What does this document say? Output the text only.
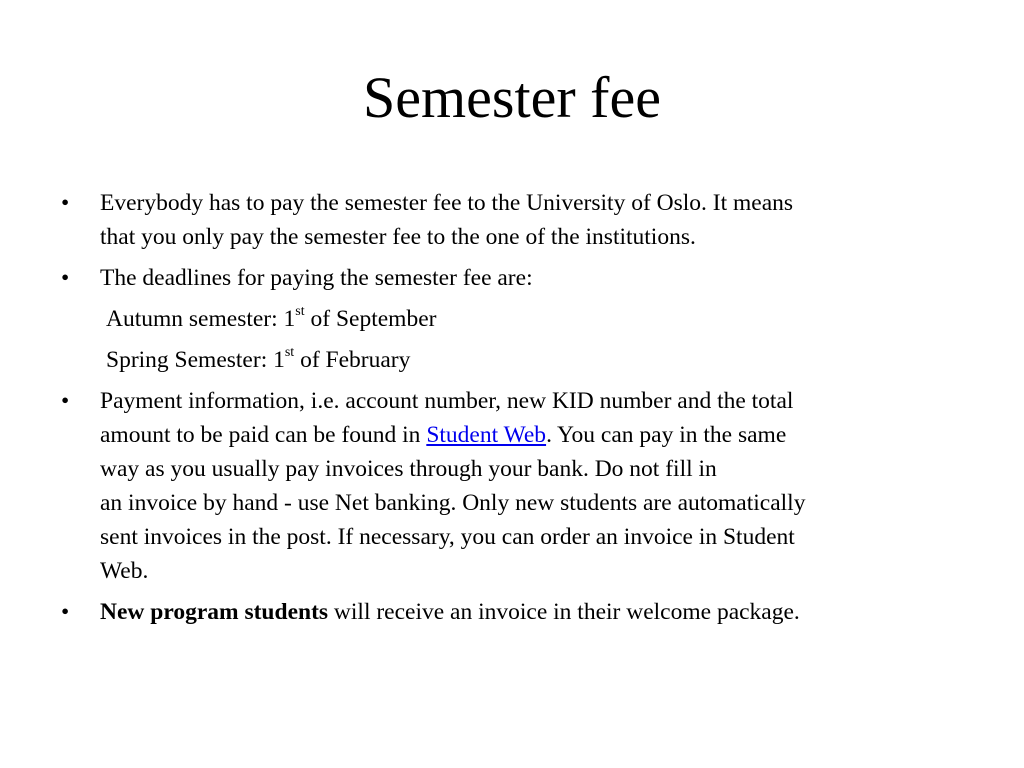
Semester fee
•	Everybody has to pay the semester fee to the University of Oslo. It means
that you only pay the semester fee to the one of the institutions.
•	The deadlines for paying the semester fee are:
Autumn semester: 1st of September
Spring Semester: 1st of February
•	Payment information, i.e. account number, new KID number and the total
amount to be paid can be found in Student Web. You can pay in the same
way as you usually pay invoices through your bank. Do not fill in
an invoice by hand - use Net banking. Only new students are automatically
sent invoices in the post. If necessary, you can order an invoice in Student
Web.
•	New program students will receive an invoice in their welcome package.
